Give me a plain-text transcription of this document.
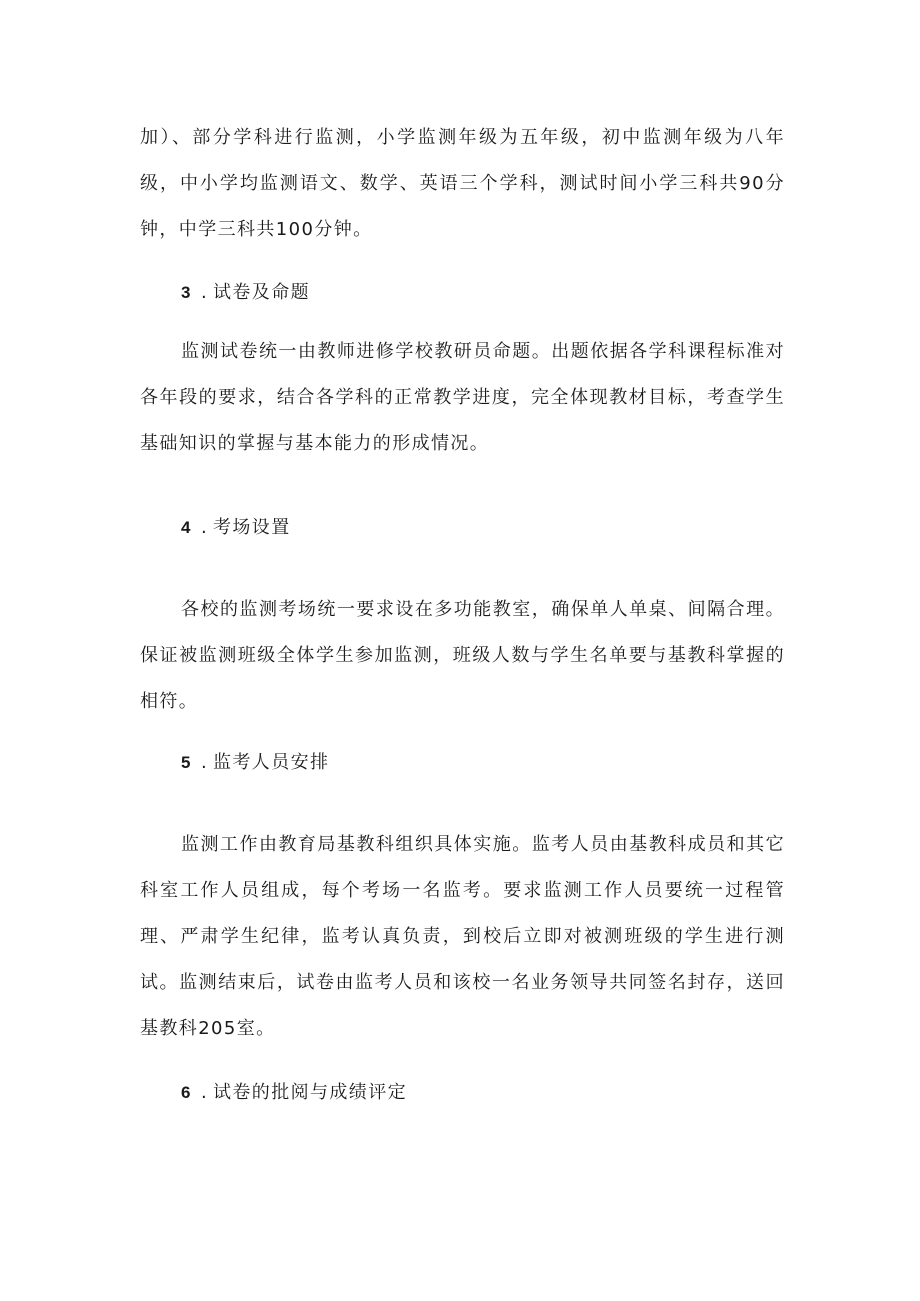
加）、部分学科进行监测，小学监测年级为五年级，初中监测年级为八年级，中小学均监测语文、数学、英语三个学科，测试时间小学三科共90分钟，中学三科共100分钟。

3 . 试卷及命题

监测试卷统一由教师进修学校教研员命题。出题依据各学科课程标准对各年段的要求，结合各学科的正常教学进度，完全体现教材目标，考查学生基础知识的掌握与基本能力的形成情况。

4 . 考场设置

各校的监测考场统一要求设在多功能教室，确保单人单桌、间隔合理。保证被监测班级全体学生参加监测，班级人数与学生名单要与基教科掌握的相符。

5 . 监考人员安排

监测工作由教育局基教科组织具体实施。监考人员由基教科成员和其它科室工作人员组成，每个考场一名监考。要求监测工作人员要统一过程管理、严肃学生纪律，监考认真负责，到校后立即对被测班级的学生进行测试。监测结束后，试卷由监考人员和该校一名业务领导共同签名封存，送回基教科205室。

6 . 试卷的批阅与成绩评定
